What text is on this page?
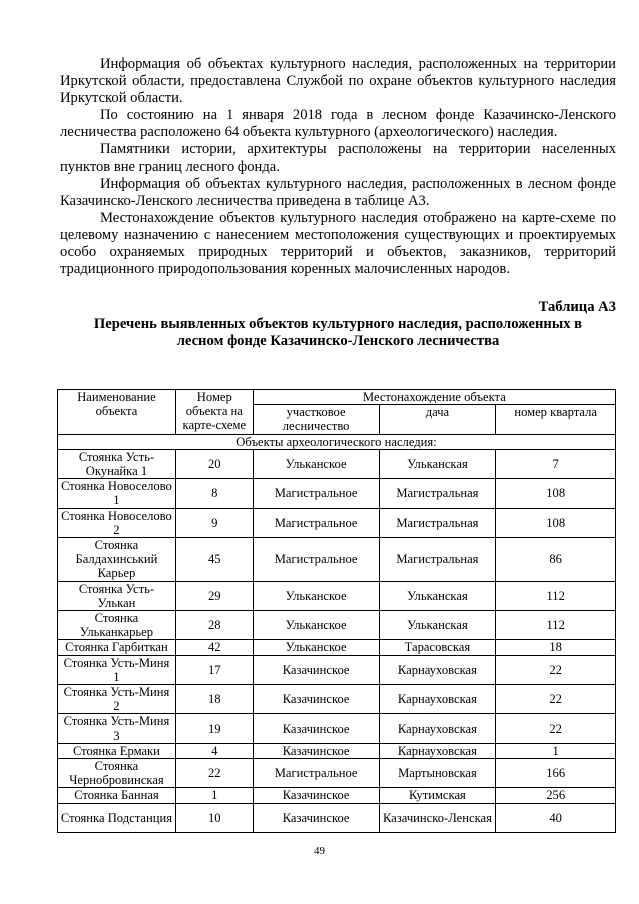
Информация об объектах культурного наследия, расположенных на территории Иркутской области, предоставлена Службой по охране объектов культурного наследия Иркутской области.

По состоянию на 1 января 2018 года в лесном фонде Казачинско-Ленского лесничества расположено 64 объекта культурного (археологического) наследия.

Памятники истории, архитектуры расположены на территории населенных пунктов вне границ лесного фонда.

Информация об объектах культурного наследия, расположенных в лесном фонде Казачинско-Ленского лесничества приведена в таблице А3.

Местонахождение объектов культурного наследия отображено на карте-схеме по целевому назначению с нанесением местоположения существующих и проектируемых особо охраняемых природных территорий и объектов, заказников, территорий традиционного природопользования коренных малочисленных народов.

Таблица А3

Перечень выявленных объектов культурного наследия, расположенных в

лесном фонде Казачинско-Ленского лесничества

Наименование объекта	Номер объекта на карте-схеме	Местонахождение объекта		
		участковое лесничество	дача	номер квартала
Объекты археологического наследия:				
Стоянка Усть-Окунайка 1	20	Ульканское	Ульканская	7
Стоянка Новоселово 1	8	Магистральное	Магистральная	108
Стоянка Новоселово 2	9	Магистральное	Магистральная	108
Стоянка Балдахинський Карьер	45	Магистральное	Магистральная	86
Стоянка Усть-Улькан	29	Ульканское	Ульканская	112
Стоянка Ульканкарьер	28	Ульканское	Ульканская	112
Стоянка Гарбиткан	42	Ульканское	Тарасовская	18
Стоянка Усть-Миня 1	17	Казачинское	Карнауховская	22
Стоянка Усть-Миня 2	18	Казачинское	Карнауховская	22
Стоянка Усть-Миня 3	19	Казачинское	Карнауховская	22
Стоянка Ермаки	4	Казачинское	Карнауховская	1
Стоянка Чернобровинская	22	Магистральное	Мартыновская	166
Стоянка Банная	1	Казачинское	Кутимская	256
Стоянка Подстанция	10	Казачинское	Казачинско-Ленская	40
49
